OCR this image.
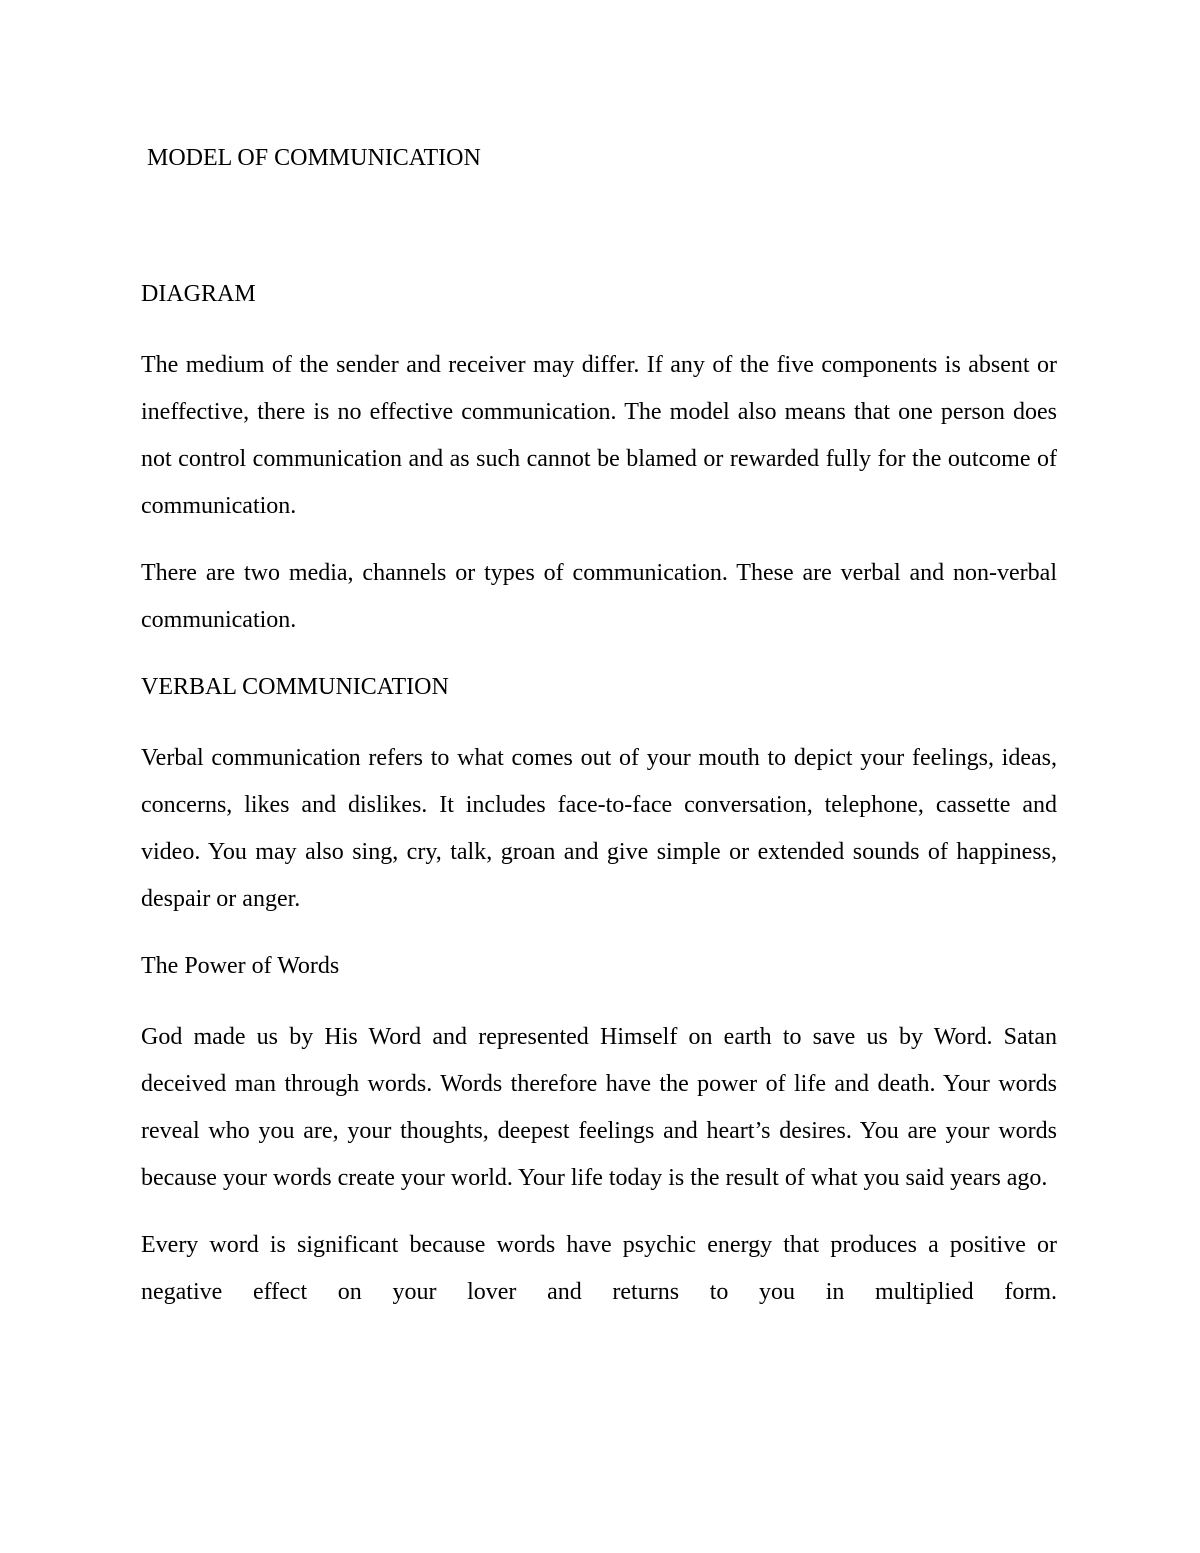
MODEL OF COMMUNICATION
DIAGRAM

The medium of the sender and receiver may differ. If any of the five components is absent or ineffective, there is no effective communication. The model also means that one person does not control communication and as such cannot be blamed or rewarded fully for the outcome of communication.

There are two media, channels or types of communication. These are verbal and non-verbal communication.

VERBAL COMMUNICATION

Verbal communication refers to what comes out of your mouth to depict your feelings, ideas, concerns, likes and dislikes. It includes face-to-face conversation, telephone, cassette and video. You may also sing, cry, talk, groan and give simple or extended sounds of happiness, despair or anger.

The Power of Words

God made us by His Word and represented Himself on earth to save us by Word. Satan deceived man through words. Words therefore have the power of life and death. Your words reveal who you are, your thoughts, deepest feelings and heart’s desires. You are your words because your words create your world. Your life today is the result of what you said years ago.

Every word is significant because words have psychic energy that produces a positive or negative effect on your lover and returns to you in multiplied form.
